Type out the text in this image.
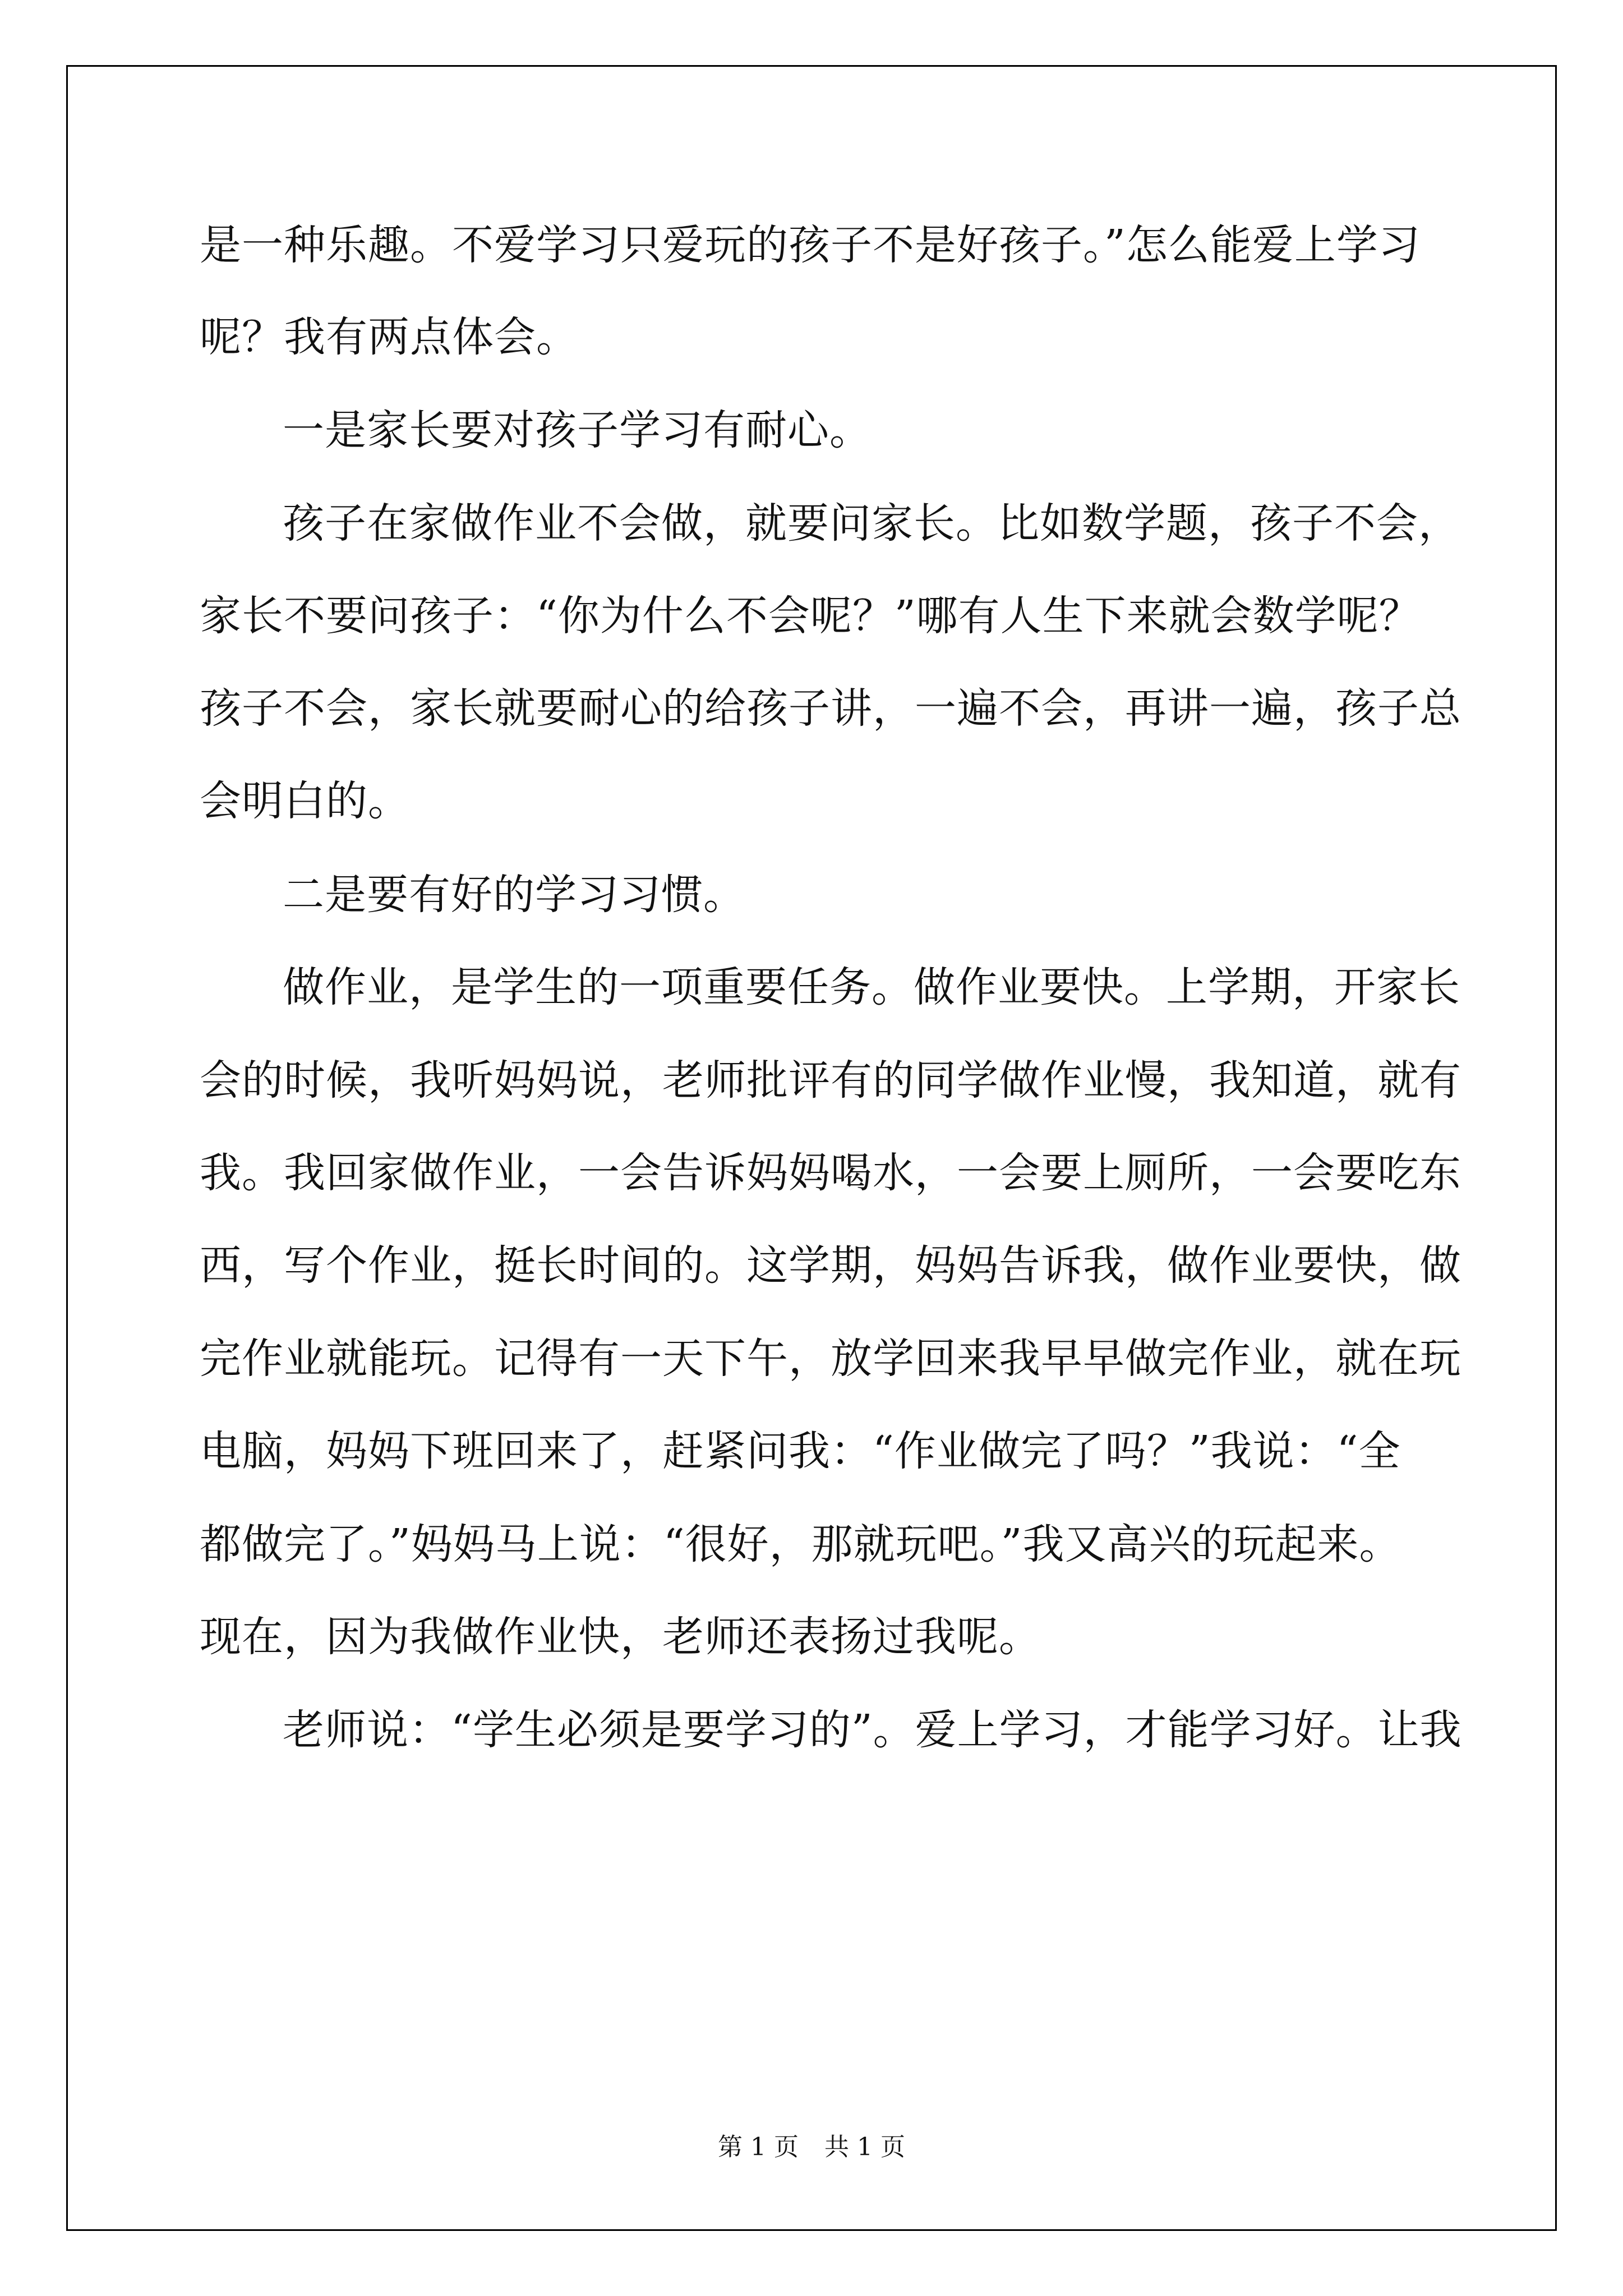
是一种乐趣。不爱学习只爱玩的孩子不是好孩子。”怎么能爱上学习
呢？我有两点体会。
一是家长要对孩子学习有耐心。
孩子在家做作业不会做，就要问家长。比如数学题，孩子不会，
家长不要问孩子：“你为什么不会呢？”哪有人生下来就会数学呢？
孩子不会，家长就要耐心的给孩子讲，一遍不会，再讲一遍，孩子总
会明白的。
二是要有好的学习习惯。
做作业，是学生的一项重要任务。做作业要快。上学期，开家长
会的时候，我听妈妈说，老师批评有的同学做作业慢，我知道，就有
我。我回家做作业，一会告诉妈妈喝水，一会要上厕所，一会要吃东
西，写个作业，挺长时间的。这学期，妈妈告诉我，做作业要快，做
完作业就能玩。记得有一天下午，放学回来我早早做完作业，就在玩
电脑，妈妈下班回来了，赶紧问我：“作业做完了吗？”我说：“全
都做完了。”妈妈马上说：“很好，那就玩吧。”我又高兴的玩起来。
现在，因为我做作业快，老师还表扬过我呢。
老师说：“学生必须是要学习的”。爱上学习，才能学习好。让我
第 1 页 共 1 页
